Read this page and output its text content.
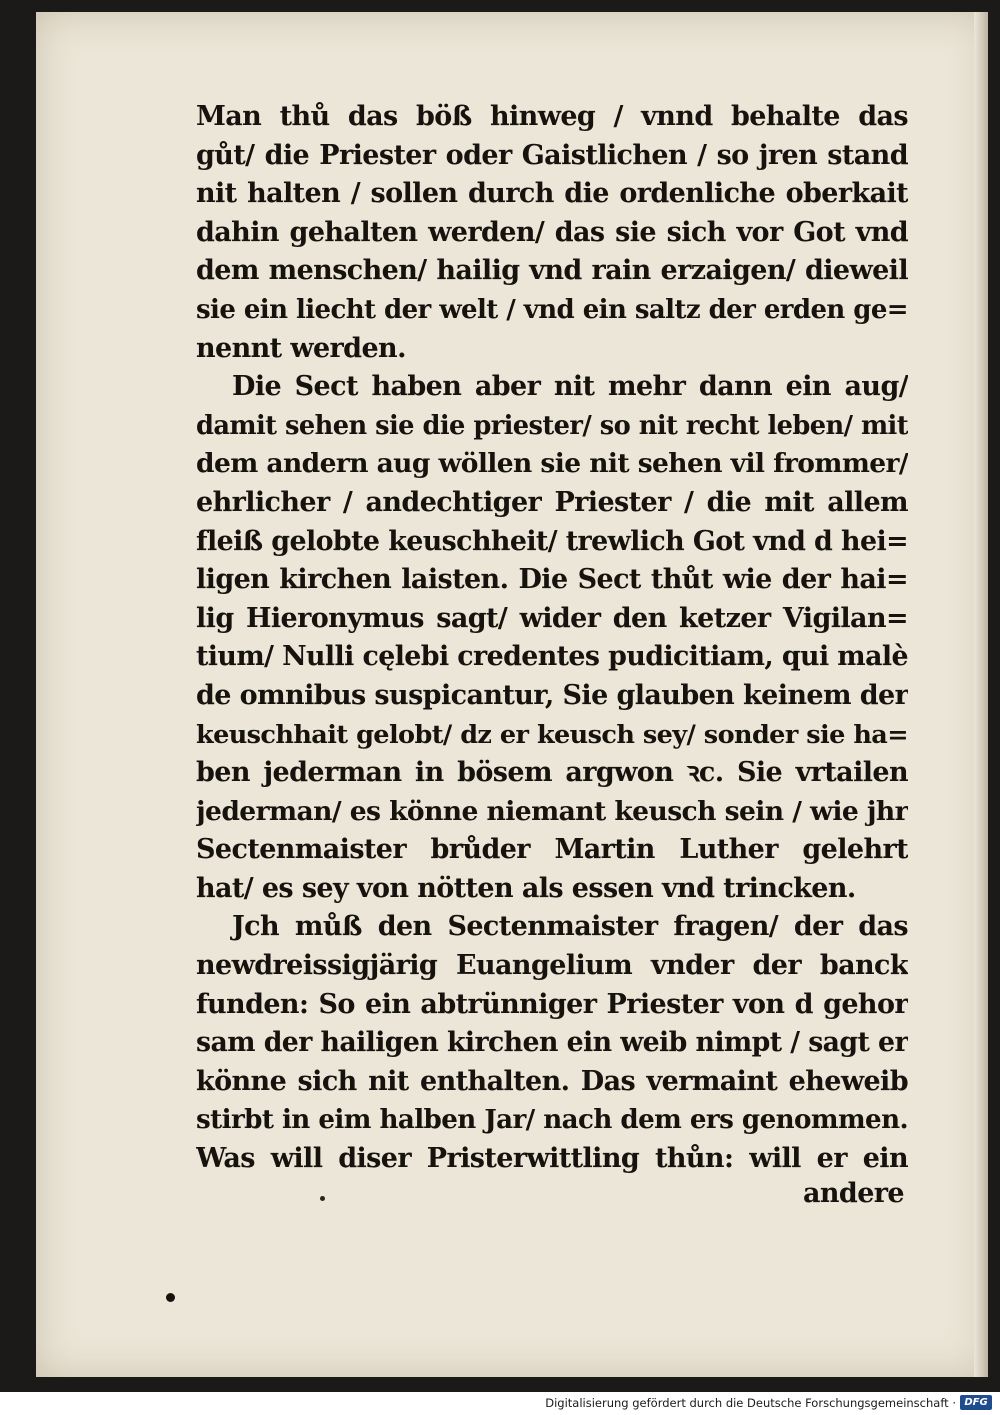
Man thů das böß hinweg / vnnd behalte das
gůt/ die Priester oder Gaistlichen / so jren stand
nit halten / sollen durch die ordenliche oberkait
dahin gehalten werden/ das sie sich vor Got vnd
dem menschen/ hailig vnd rain erzaigen/ dieweil
sie ein liecht der welt / vnd ein saltz der erden ge=
nennt werden.
Die Sect haben aber nit mehr dann ein aug/
damit sehen sie die priester/ so nit recht leben/ mit
dem andern aug wöllen sie nit sehen vil frommer/
ehrlicher / andechtiger Priester / die mit allem
fleiß gelobte keuschheit/ trewlich Got vnd d hei=
ligen kirchen laisten. Die Sect thůt wie der hai=
lig Hieronymus sagt/ wider den ketzer Vigilan=
tium/ Nulli cęlebi credentes pudicitiam, qui malè
de omnibus suspicantur, Sie glauben keinem der
keuschhait gelobt/ dz er keusch sey/ sonder sie ha=
ben jederman in bösem argwon ꝛc. Sie vrtailen
jederman/ es könne niemant keusch sein / wie jhr
Sectenmaister brůder Martin Luther gelehrt
hat/ es sey von nötten als essen vnd trincken.
Jch můß den Sectenmaister fragen/ der das
newdreissigjärig Euangelium vnder der banck
funden: So ein abtrünniger Priester von d gehor
sam der hailigen kirchen ein weib nimpt / sagt er
könne sich nit enthalten. Das vermaint eheweib
stirbt in eim halben Jar/ nach dem ers genommen.
Was will diser Pristerwittling thůn: will er ein
andere
Digitalisierung gefördert durch die Deutsche Forschungsgemeinschaft · DFG
